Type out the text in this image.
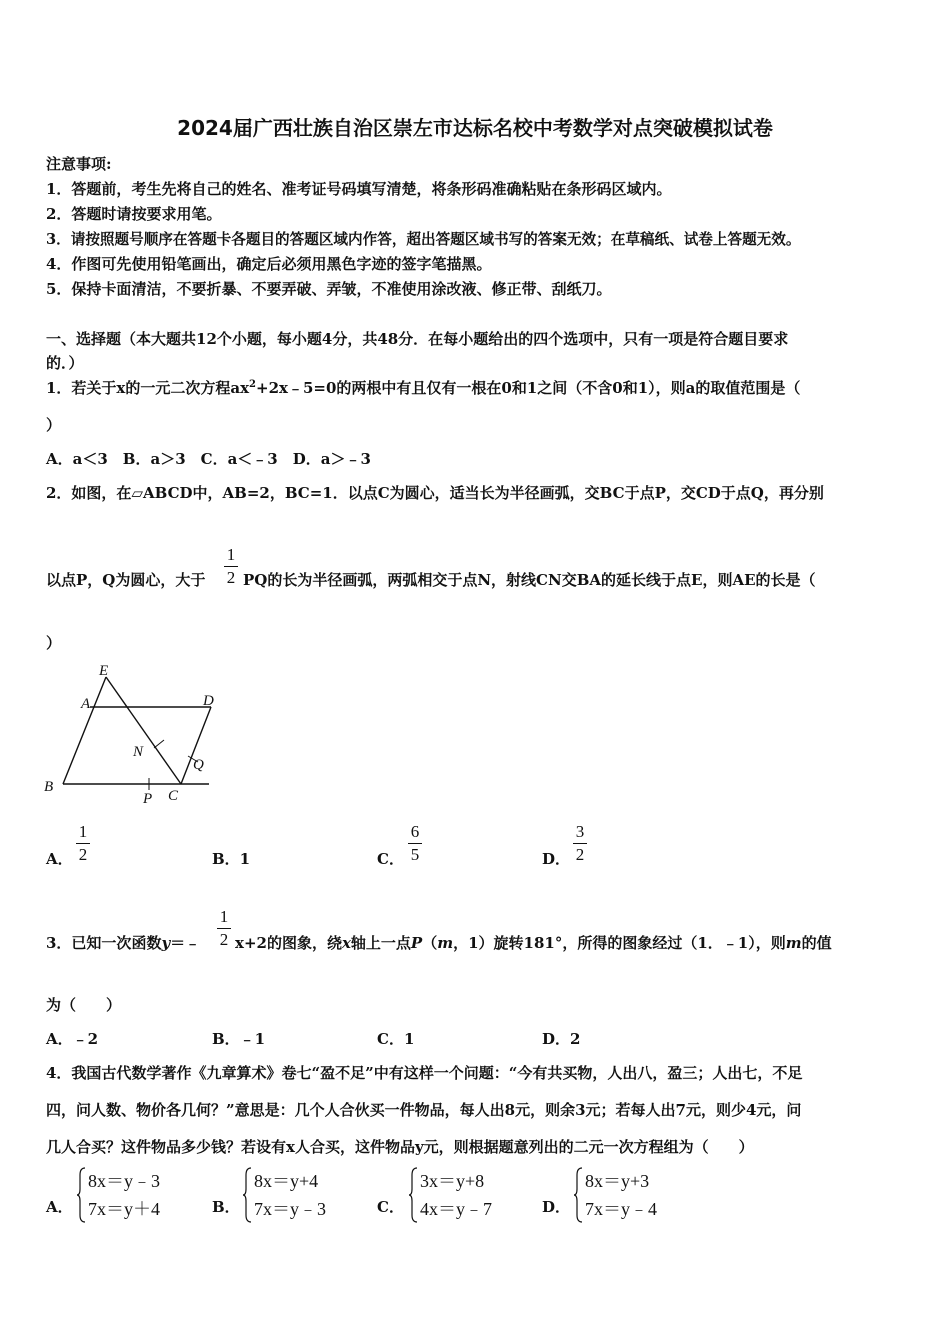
2024届广西壮族自治区崇左市达标名校中考数学对点突破模拟试卷
注意事项:
1．答题前，考生先将自己的姓名、准考证号码填写清楚，将条形码准确粘贴在条形码区域内。
2．答题时请按要求用笔。
3．请按照题号顺序在答题卡各题目的答题区域内作答，超出答题区域书写的答案无效；在草稿纸、试卷上答题无效。
4．作图可先使用铅笔画出，确定后必须用黑色字迹的签字笔描黑。
5．保持卡面清洁，不要折暴、不要弄破、弄皱，不准使用涂改液、修正带、刮纸刀。
一、选择题（本大题共12个小题，每小题4分，共48分．在每小题给出的四个选项中，只有一项是符合题目要求
的．）
1．若关于x的一元二次方程$ax^2+2x﹣5=0$的两根中有且仅有一根在0和1之间（不含0和1），则a的取值范围是（
）
A．a＜3　B．a＞3　C．a＜﹣3　D．a＞﹣3
2．如图，在▱ABCD中，AB=2，BC=1．以点C为圆心，适当长为半径画弧，交BC于点P，交CD于点Q，再分别
以点P，Q为圆心，大于
1
2 PQ的长为半径画弧，两弧相交于点N，射线CN交BA的延长线于点E，则AE的长是（
）
E
A	D
N
Q
B
P C
A．
1
2	B．1	C．
6
5	D．
3
2
3．已知一次函数y＝﹣
1
2 x+2的图象，绕x轴上一点P（m，1）旋转181°，所得的图象经过（1．﹣1），则m的值
为（　　）
A．﹣2	B．﹣1	C．1	D．2
4．我国古代数学著作《九章算术》卷七“盈不足”中有这样一个问题：“今有共买物，人出八，盈三；人出七，不足
四，问人数、物价各几何？”意思是：几个人合伙买一件物品，每人出8元，则余3元；若每人出7元，则少4元，问
几人合买？这件物品多少钱？若设有x人合买，这件物品y元，则根据题意列出的二元一次方程组为（　　）
A．
8x＝y﹣3
7x＝y＋4	B．
8x＝y+4
7x＝y﹣3	C．
3x＝y+8
4x＝y﹣7	D．
8x＝y+3
7x＝y﹣4
